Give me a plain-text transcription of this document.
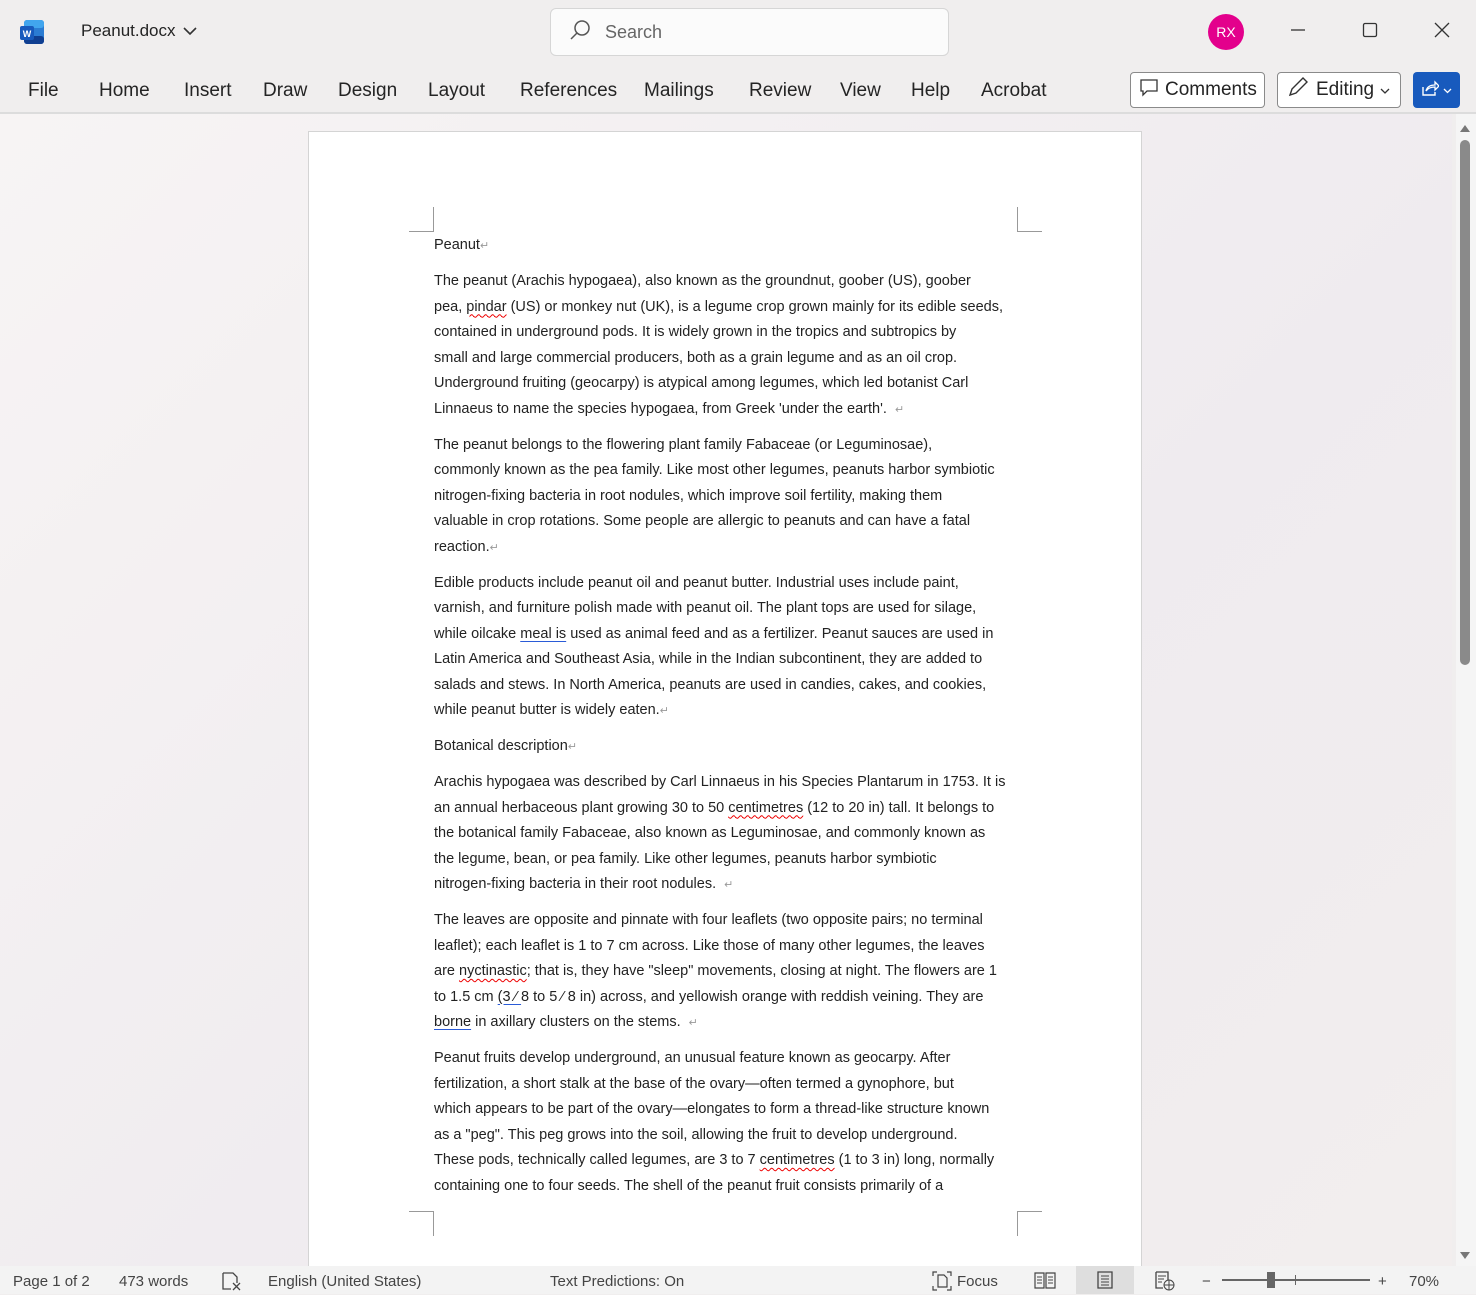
W	Peanut.docx	Search	RX
File Home Insert Draw Design Layout References Mailings Review View Help Acrobat	Comments	Editing
Peanut↵
The peanut (Arachis hypogaea), also known as the groundnut, goober (US), goober
pea, pindar (US) or monkey nut (UK), is a legume crop grown mainly for its edible seeds,
contained in underground pods. It is widely grown in the tropics and subtropics by
small and large commercial producers, both as a grain legume and as an oil crop.
Underground fruiting (geocarpy) is atypical among legumes, which led botanist Carl
Linnaeus to name the species hypogaea, from Greek 'under the earth'.  ↵
The peanut belongs to the flowering plant family Fabaceae (or Leguminosae),
commonly known as the pea family. Like most other legumes, peanuts harbor symbiotic
nitrogen-fixing bacteria in root nodules, which improve soil fertility, making them
valuable in crop rotations. Some people are allergic to peanuts and can have a fatal
reaction.↵
Edible products include peanut oil and peanut butter. Industrial uses include paint,
varnish, and furniture polish made with peanut oil. The plant tops are used for silage,
while oilcake meal is used as animal feed and as a fertilizer. Peanut sauces are used in
Latin America and Southeast Asia, while in the Indian subcontinent, they are added to
salads and stews. In North America, peanuts are used in candies, cakes, and cookies,
while peanut butter is widely eaten.↵
Botanical description↵
Arachis hypogaea was described by Carl Linnaeus in his Species Plantarum in 1753. It is
an annual herbaceous plant growing 30 to 50 centimetres (12 to 20 in) tall. It belongs to
the botanical family Fabaceae, also known as Leguminosae, and commonly known as
the legume, bean, or pea family. Like other legumes, peanuts harbor symbiotic
nitrogen-fixing bacteria in their root nodules.  ↵
The leaves are opposite and pinnate with four leaflets (two opposite pairs; no terminal
leaflet); each leaflet is 1 to 7 cm across. Like those of many other legumes, the leaves
are nyctinastic; that is, they have "sleep" movements, closing at night. The flowers are 1
to 1.5 cm (3 ⁄ 8 to 5 ⁄ 8 in) across, and yellowish orange with reddish veining. They are
borne in axillary clusters on the stems.  ↵
Peanut fruits develop underground, an unusual feature known as geocarpy. After
fertilization, a short stalk at the base of the ovary—often termed a gynophore, but
which appears to be part of the ovary—elongates to form a thread-like structure known
as a "peg". This peg grows into the soil, allowing the fruit to develop underground.
These pods, technically called legumes, are 3 to 7 centimetres (1 to 3 in) long, normally
containing one to four seeds. The shell of the peanut fruit consists primarily of a
Page 1 of 2 473 words	English (United States)	Text Predictions: On	Focus	−	+ 70%
